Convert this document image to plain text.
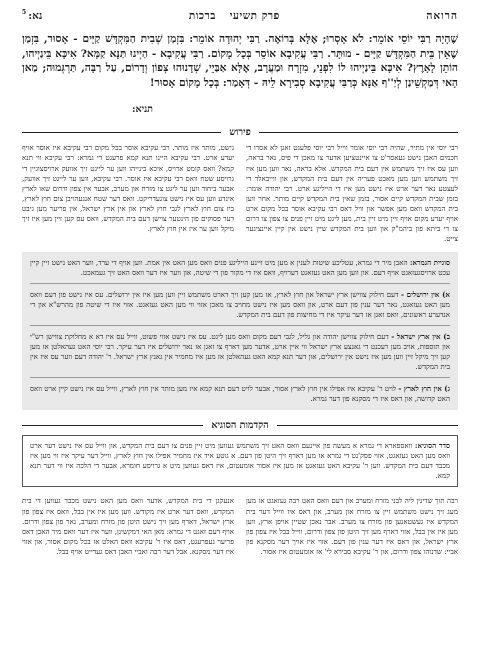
הרואה
פרק תשיעי
ברכות
נא:
5
שֶׁהָיָה רַבִּי יוֹסֵי אוֹמֵר: לֹא אָסְרוּ; אֶלָּא בְּרוֹאֶה. רַבִּי יְהוּדָה אוֹמֵר: בִּזְמַן שְׁבִית הַמִּקְדָּשׁ קַיָּים - אָסוּר, בִּזְמַן שֶׁאֵין בֵּית הַמִּקְדָּשׁ קַיָּים - מוּתָּר. רַבִּי עֲקִיבָא אוֹסֵר בְּכָל מָקוֹם. רַבִּי עֲקִיבָא - הַיְינוּ תַּנָּא קַמָּא? אִיכָּא בֵּינַיְיהוּ, הוֹתֵן לָאָרֶץ? אִיכָּא בֵּינַיְיהוּ לוֹ לִפְנֵי, מִזְרָח וּמַעֲרָב, אֶלָּא אַבַּיֵי, שְׁדָנוּהוּ צְפוֹן וְדָרוֹם, עַל רַבָּה, תַּרְגְּמוּה; מַאן הָאי דְּמַקְשֵׁינַן לְיַ''ף אַנָּא כְּרַבִּי עֲקִיבָא סְבִירָא לֵיהּ - דְּאָמַר: בְּכָל מָקוֹם אָסוּר!
תניא:
פירוש
רבי יוסי אין מתיר, שהיה רבי יוסי אומר ווייל רבי יוסי פלעגט זאגן לא אסרו די חכמים האבן נישט געאסר'ט צו איינטציען אדער צו מאכן די פיס, נאר בראה, ווען עס איז זיך משתמש אין דעם בית המקדש. אלא בראה, נאר ווען מען איז זיך משתמש ווען מען מאכט פעריה אין דעם בית המקדש, און ווייבאלד די לעצטע נאר דער ארט איז נישט מען איז די הייליגע ארט. רבי יהודה אומר: בזמן שבית המקדש קיים אסור, בזמן שאין בית המקדש קיים מותר. אחר ווען בית המקדש וואס מען אפשר און וויל דאס רבי עקיבא אוסר בכל מקום ארט אויף יעדע מקום אויף זיין מיט זיין בית, מען ליגט מיט זיין פנים צו צפון צו דרום צו די ביתא פון ביהמ"ק און ווען בית המקדש שיין נישט אין קיין איינציגער צייט.
נישט, מותר איז מותר. רבי עקיבא אוסר בכל מקום רבי עקיבא איז אוסר אויף יעדע ארט. רבי עקיבא היינו תנא קמא פרעגט די גמרא: רבי עקיבא ווי תנא קמא? וואס קומט ארויס, איכא בינייהו ווען ער לייגט זיך אוועק ארויסצוגיין די גרויסע שטח וואס רבי עקיבא איז אוסר. רבי עקיבא, ווען ער לייגט זיך אוועק, אבער ביחוד ווען ער ליגט צו מזרח און מערב, אבער אין צפון ודרום שאו לארץ אינדע ווען עס איז נישט צוגעדריקט. וואס דער שטח אנגעהויבן צום חוץ לארץ, ביז צום חוץ לארץ לגבי חוץ לארץ און אין ארץ ישראל, אין פריער מען גיבט דער פסוקים פון הינטער צוישן דעם בית המקדש, וואס עס קען זיין מען איז זיך מיקל ווען ער איז אין חוץ לארץ.
סוגיית הגמרא: האבן מיר די גמרא, עטליכע שיטות לענין א מען מיט זיינע הייליגע פנים וואס מען האט אין אמת. ווען אויף די ערד, ווער האט נישט זיין קיין עכט ארויסגעזאגט אויף דעם. און ווען מען האט געזאגט דערויף, וואס איז די מקור פון די שיטה, און ווער איז דער וואס האט זיך געמאכט.
א) אין ירושלים - דעם חילוק צווישן ארץ ישראל און חוץ לארץ, אז מען קען זיך דארט משתמש זיין ווען מען איז אין ירושלים. עס איז נישט פון דעם וואס מען האט געזאגט, נאר דער ענין פון דעם ארט, און וואס מען איז נישט מחויב צו מאכן אזוי ווי מען האט געזאגט. אזוי איז די שיטה פון מהרש"א און די אנדערע ראשונים, וואס זאגן אז דער עיקר איז די מחיצות פון דעם בית המקדש.
ב) אין ארץ ישראל - דעם חילוק צווישן יהודה און גליל, לגבי דעם מקום וואס מען ליגט. עס איז נישט אזוי פשוט, ווייל עס איז דא א מחלוקת צווישן רש"י און תוספות, אויב מען רעכנט די גאנצע ארץ ישראל ווי איין ארט, אדער מען דארף צו זאגן אז נאר ירושלים איז דער עיקר. רבי יוסי האט געהאלטן אז מען קען זיך מיקל זיין ווען מען איז נישט אין ירושלים, און דער תנא קמא האט געהאלטן אז מען איז מחמיר אין גאנץ ארץ ישראל. ר' יהודה דעם ווער עס איז אין בית המקדש.
ג) אין חוץ לארץ - לויט ר' עקיבא איז אפילו אין חוץ לארץ אסור, אבער לויט דעם תנא קמא איז מען מותר אין חוץ לארץ, ווייל עס איז נישט קיין ארט וואס האט קדושה, און דאס איז די מסקנא פון דער גמרא.
הקדמות הסוגיא
סדר הסוגיא: וואספארא די גמרא א מעשה פון איינעם וואס האט זיך משתמש געווען מיט זיין פנים צו דעם בית המקדש, און ווייל עס איז נישט דער ארט וואס מען האט געזאגט, אזוי פסק'נט די גמרא אז מען דארף זיך היטן פון דעם. א גוטע איד איז מחמיר אפילו אין חוץ לארץ, ווייל דער עיקר איז ווי מען איז מכבד דעם בית המקדש. ווען ר' עקיבא האט געזאגט אז מען איז אסור אומעטום, איז דאס געווען מיט א גרויסע חומרא, אבער די הלכה איז ווי דער תנא קמא.
רבה תוך שדינין ליה לבני מזרח ומערב און דעם וואס האט רבה געזאגט אז מען מעג זיך נישט משתמש זיין צו מזרח און מערב, און דאס איז ווייל דער בית המקדש איז געשטאנען פון מזרח צו מערב. אבר נאכן שטיין אויפן ארץ, ווען מען איז אין בבל, אזוי דארף מען זיך היטן פון צפון ודרום, ווייל בבל איז צפון פון ארץ ישראל, און דאס איז דער ענין פון דעם. אזוי איז אויך דער מסקנא פון אביי: שדנוהו צפון ודרום, און ר' עקיבא סבירא לי' אז אומעטום איז אסור.
אנעקגן די בית המקדש, אדער וואס מען האט נישט מכבד געווען די בית המקדש, וואס דער ארט איז מקודש. ווען מען איז אין בבל, וואס איז צפון פון ארץ ישראל, דארף מען זיך נישט היטן פון מזרח ומערב, נאר פון צפון ודרום. אויף דעם זאגט די גמרא: מאן האי דמקשינן, ווער איז דער וואס מיר האבן דאס פריער געפרעגט, דאס איז ר' עקיבא וואס האלט אז בכל מקום אסור, און אזוי איז דער מסקנא. אבל דער רבה ואביי האבן דאס געדייט אויף בבל.
